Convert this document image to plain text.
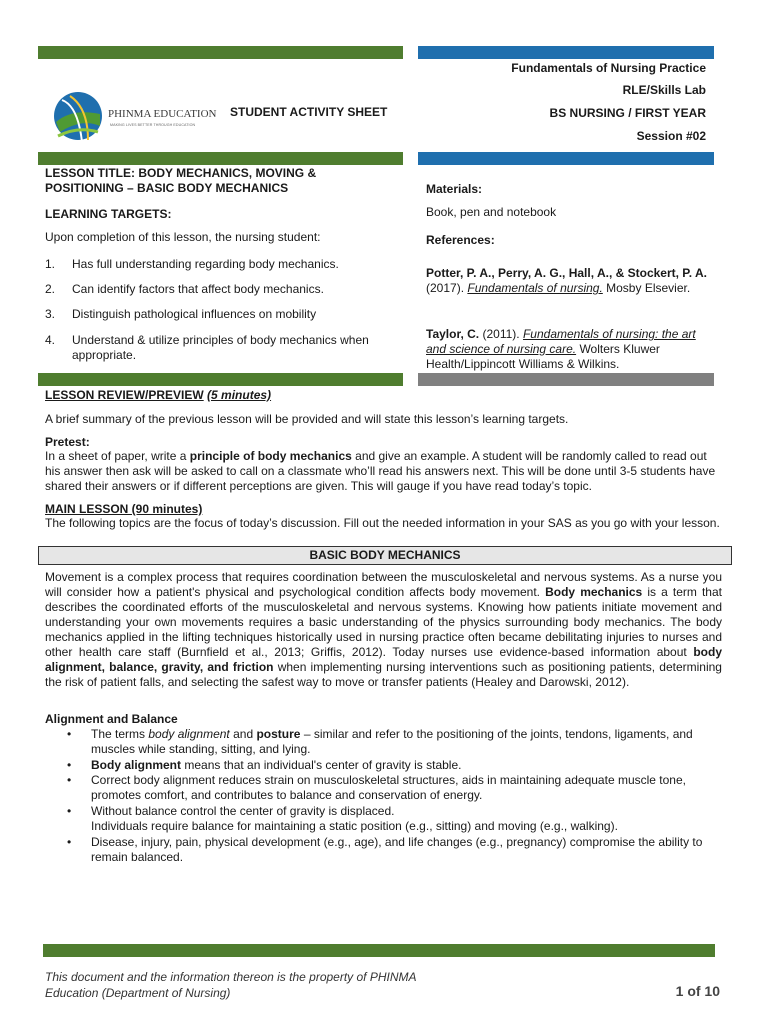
PHINMA EDUCATION
MAKING LIVES BETTER THROUGH EDUCATION
STUDENT ACTIVITY SHEET
Fundamentals of Nursing Practice
RLE/Skills Lab
BS NURSING / FIRST YEAR
Session #02
LESSON TITLE: BODY MECHANICS, MOVING &
POSITIONING – BASIC BODY MECHANICS
LEARNING TARGETS:
Upon completion of this lesson, the nursing student:
1. Has full understanding regarding body mechanics.
2. Can identify factors that affect body mechanics.
3. Distinguish pathological influences on mobility
4. Understand & utilize principles of body mechanics when appropriate.
Materials:
Book, pen and notebook
References:
Potter, P. A., Perry, A. G., Hall, A., & Stockert, P. A. (2017). Fundamentals of nursing. Mosby Elsevier.
Taylor, C. (2011). Fundamentals of nursing: the art and science of nursing care. Wolters Kluwer Health/Lippincott Williams & Wilkins.
LESSON REVIEW/PREVIEW (5 minutes)
A brief summary of the previous lesson will be provided and will state this lesson’s learning targets.
Pretest:
In a sheet of paper, write a principle of body mechanics and give an example. A student will be randomly called to read out his answer then ask will be asked to call on a classmate who’ll read his answers next. This will be done until 3-5 students have shared their answers or if different perceptions are given. This will gauge if you have read today’s topic.
MAIN LESSON (90 minutes)
The following topics are the focus of today’s discussion. Fill out the needed information in your SAS as you go with your lesson.
BASIC BODY MECHANICS
Movement is a complex process that requires coordination between the musculoskeletal and nervous systems. As a nurse you will consider how a patient's physical and psychological condition affects body movement. Body mechanics is a term that describes the coordinated efforts of the musculoskeletal and nervous systems. Knowing how patients initiate movement and understanding your own movements requires a basic understanding of the physics surrounding body mechanics. The body mechanics applied in the lifting techniques historically used in nursing practice often became debilitating injuries to nurses and other health care staff (Burnfield et al., 2013; Griffis, 2012). Today nurses use evidence-based information about body alignment, balance, gravity, and friction when implementing nursing interventions such as positioning patients, determining the risk of patient falls, and selecting the safest way to move or transfer patients (Healey and Darowski, 2012).
Alignment and Balance
• The terms body alignment and posture – similar and refer to the positioning of the joints, tendons, ligaments, and muscles while standing, sitting, and lying.
• Body alignment means that an individual's center of gravity is stable.
• Correct body alignment reduces strain on musculoskeletal structures, aids in maintaining adequate muscle tone, promotes comfort, and contributes to balance and conservation of energy.
• Without balance control the center of gravity is displaced.
Individuals require balance for maintaining a static position (e.g., sitting) and moving (e.g., walking).
• Disease, injury, pain, physical development (e.g., age), and life changes (e.g., pregnancy) compromise the ability to remain balanced.
This document and the information thereon is the property of PHINMA
Education (Department of Nursing)	1 of 10
